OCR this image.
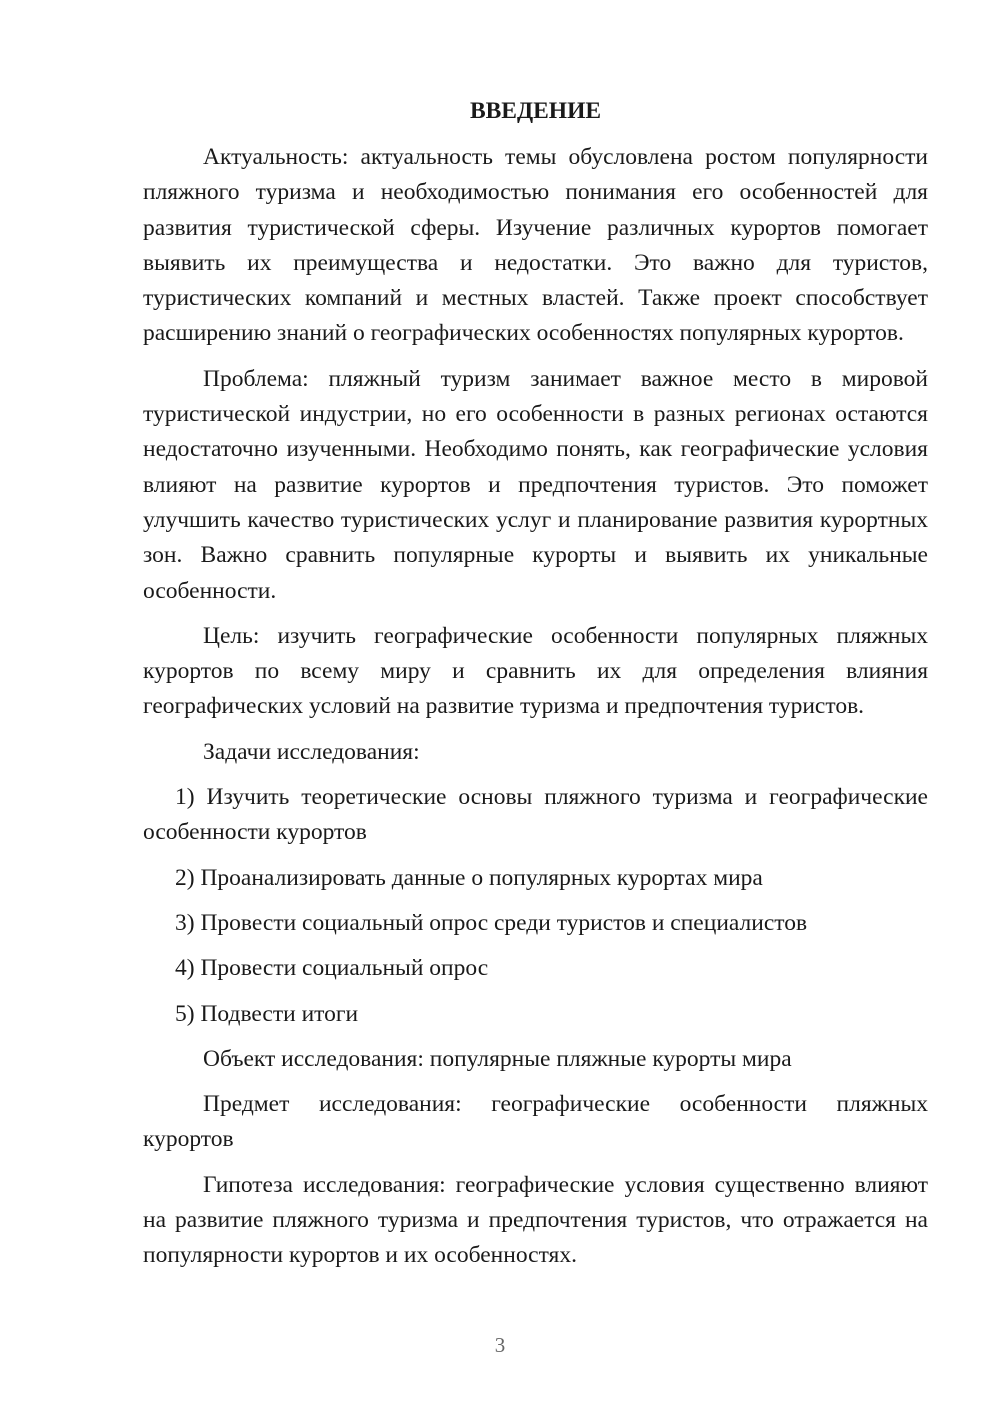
ВВЕДЕНИЕ

Актуальность: актуальность темы обусловлена ростом популярности пляжного туризма и необходимостью понимания его особенностей для развития туристической сферы. Изучение различных курортов помогает выявить их преимущества и недостатки. Это важно для туристов, туристических компаний и местных властей. Также проект способствует расширению знаний о географических особенностях популярных курортов.

Проблема: пляжный туризм занимает важное место в мировой туристической индустрии, но его особенности в разных регионах остаются недостаточно изученными. Необходимо понять, как географические условия влияют на развитие курортов и предпочтения туристов. Это поможет улучшить качество туристических услуг и планирование развития курортных зон. Важно сравнить популярные курорты и выявить их уникальные особенности.

Цель: изучить географические особенности популярных пляжных курортов по всему миру и сравнить их для определения влияния географических условий на развитие туризма и предпочтения туристов.

Задачи исследования:

1) Изучить теоретические основы пляжного туризма и географические особенности курортов

2) Проанализировать данные о популярных курортах мира

3) Провести социальный опрос среди туристов и специалистов

4) Провести социальный опрос

5) Подвести итоги

Объект исследования: популярные пляжные курорты мира

Предмет исследования: географические особенности пляжных курортов

Гипотеза исследования: географические условия существенно влияют на развитие пляжного туризма и предпочтения туристов, что отражается на популярности курортов и их особенностях.

3
